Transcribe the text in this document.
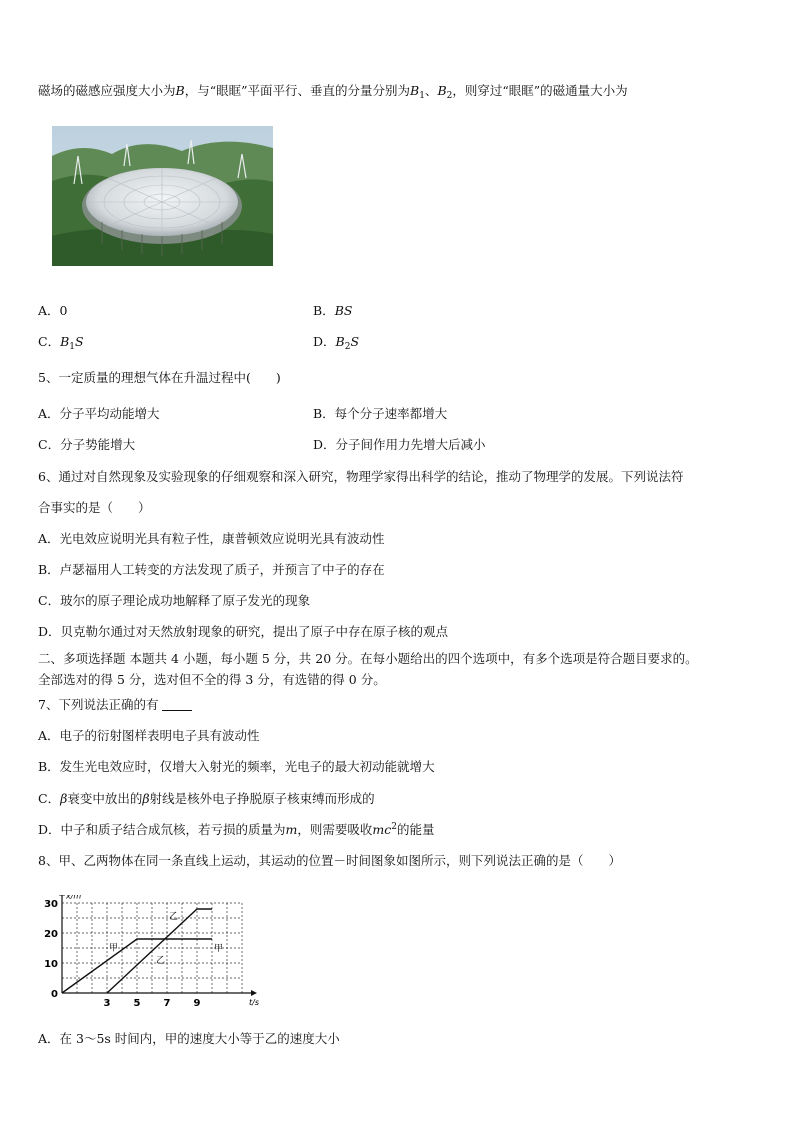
磁场的磁感应强度大小为B，与“眼眶”平面平行、垂直的分量分别为$B_1$、$B_2$，则穿过“眼眶”的磁通量大小为
A．0	B．BS
C．$B_1S$	D．$B_2S$
5、一定质量的理想气体在升温过程中(　　)
A．分子平均动能增大	B．每个分子速率都增大
C．分子势能增大	D．分子间作用力先增大后减小
6、通过对自然现象及实验现象的仔细观察和深入研究，物理学家得出科学的结论，推动了物理学的发展。下列说法符
合事实的是（　　）
A．光电效应说明光具有粒子性，康普顿效应说明光具有波动性
B．卢瑟福用人工转变的方法发现了质子，并预言了中子的存在
C．玻尔的原子理论成功地解释了原子发光的现象
D．贝克勒尔通过对天然放射现象的研究，提出了原子中存在原子核的观点
二、多项选择题 本题共 4 小题，每小题 5 分，共 20 分。在每小题给出的四个选项中，有多个选项是符合题目要求的。
全部选对的得 5 分，选对但不全的得 3 分，有选错的得 0 分。
7、下列说法正确的有
A．电子的衍射图样表明电子具有波动性
B．发生光电效应时，仅增大入射光的频率，光电子的最大初动能就增大
C．β衰变中放出的β射线是核外电子挣脱原子核束缚而形成的
D．中子和质子结合成氘核，若亏损的质量为m，则需要吸收$mc^2$的能量
8、甲、乙两物体在同一条直线上运动，其运动的位置－时间图象如图所示，则下列说法正确的是（　　）
30
20
10
0
3 5 7 9
x/m
t/s
甲	甲
乙
乙
A．在 3～5s 时间内，甲的速度大小等于乙的速度大小
